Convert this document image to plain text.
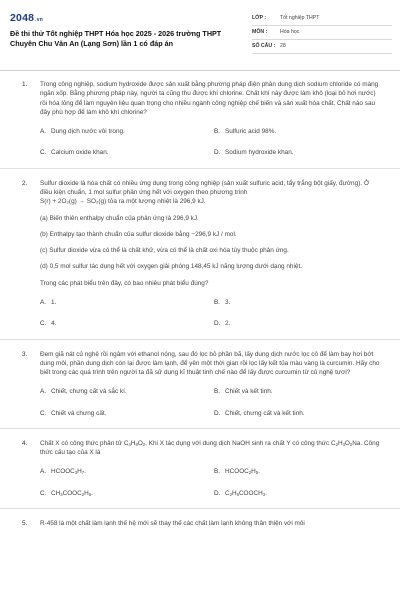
2048.vn
Đề thi thử Tốt nghiệp THPT Hóa học 2025 - 2026 trường THPT Chuyên Chu Văn An (Lạng Sơn) lần 1 có đáp án
LỚP :	Tốt nghiệp THPT
MÔN :	Hóa học
SỐ CÂU : 28
1. Trong công nghiệp, sodium hydroxide được sản xuất bằng phương pháp điện phân dung dịch sodium chloride có màng ngăn xốp. Bằng phương pháp này, người ta cũng thu được khí chlorine. Chất khí này được làm khô (loại bỏ hơi nước) rồi hóa lỏng để làm nguyên liệu quan trọng cho nhiều ngành công nghiệp chế biến và sản xuất hóa chất. Chất nào sau đây phù hợp để làm khô khí chlorine?
A. Dung dịch nước vôi trong.	B. Sulfuric acid 98%.
C. Calcium oxide khan.	D. Sodium hydroxide khan.
2. Sulfur dioxide là hóa chất có nhiều ứng dụng trong công nghiệp (sản xuất sulfuric acid, tẩy trắng bột giấy, đường). Ở điều kiện chuẩn, 1 mol sulfur phản ứng hết với oxygen theo phương trình
S(r) + 2O₂(g) → SO₂(g) tỏa ra một lượng nhiệt là 296,9 kJ.
(a) Biến thiên enthalpy chuẩn của phản ứng là 296,9 kJ.
(b) Enthalpy tạo thành chuẩn của sulfur dioxide bằng −296,9 kJ / mol.
(c) Sulfur dioxide vừa có thể là chất khử, vừa có thể là chất oxi hóa tùy thuộc phản ứng.
(d) 0,5 mol sulfur tác dụng hết với oxygen giải phóng 148,45 kJ năng lượng dưới dạng nhiệt.
Trong các phát biểu trên đây, có bao nhiêu phát biểu đúng?
A. 1.	B. 3.
C. 4.	D. 2.
3. Đem giã nát củ nghệ rồi ngâm với ethanol nóng, sau đó lọc bỏ phần bã, lấy dung dịch nước lọc cô để làm bay hơi bớt dung môi, phần dung dịch còn lại được làm lạnh, để yên một thời gian rồi lọc lấy kết tủa màu vàng là curcumin. Hãy cho biết trong các quá trình trên người ta đã sử dụng kĩ thuật tinh chế nào để lấy được curcumin từ củ nghệ tươi?
A. Chiết, chưng cất và sắc kí.	B. Chiết và kết tinh.
C. Chiết và chưng cất.	D. Chiết, chưng cất và kết tinh.
4. Chất X có công thức phân tử $C_4H_8O_2$. Khi X tác dụng với dung dịch NaOH sinh ra chất Y có công thức $C_2H_3O_2Na$. Công thức cấu tạo của X là
A. $HCOOC_3H_7$.	B. $HCOOC_2H_5$.
C. $CH_3COOC_2H_5$.	D. $C_2H_5COOCH_3$.
5. R-458 là một chất làm lạnh thế hệ mới sẽ thay thế các chất làm lạnh không thân thiện với môi
